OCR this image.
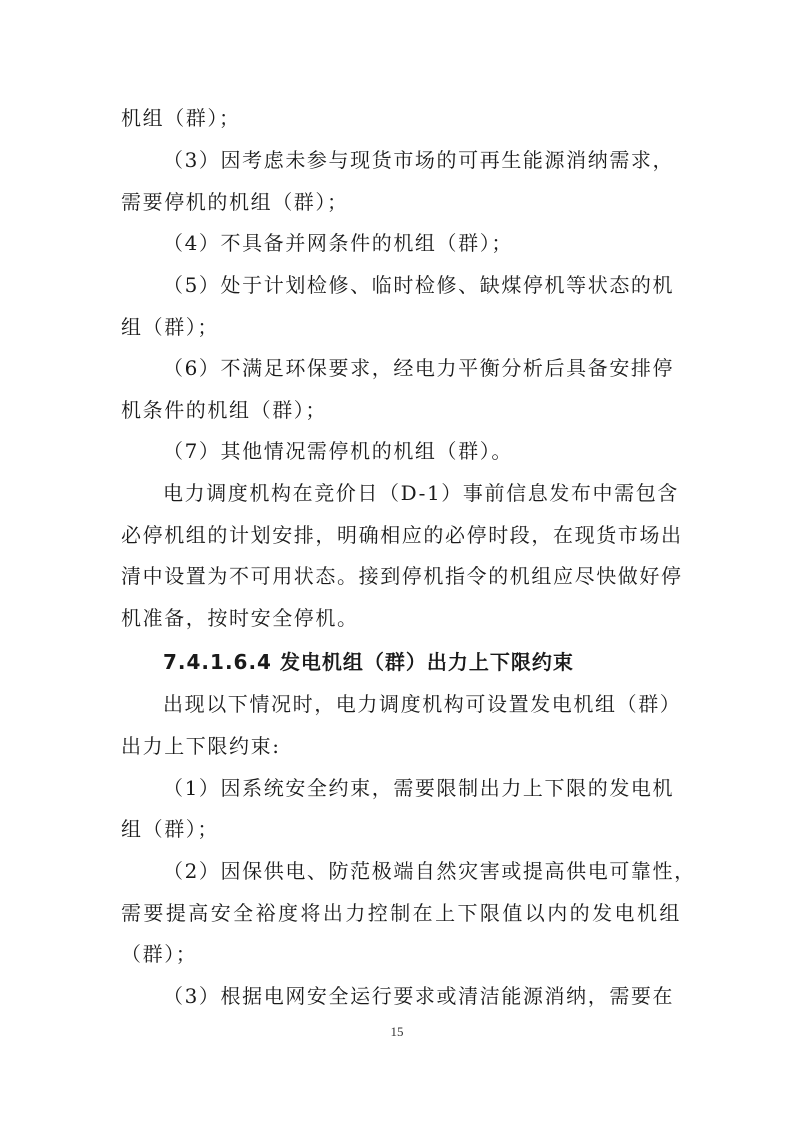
机组（群）；
（3）因考虑未参与现货市场的可再生能源消纳需求，
需要停机的机组（群）；
（4）不具备并网条件的机组（群）；
（5）处于计划检修、临时检修、缺煤停机等状态的机
组（群）；
（6）不满足环保要求，经电力平衡分析后具备安排停
机条件的机组（群）；
（7）其他情况需停机的机组（群）。
电力调度机构在竞价日（D-1）事前信息发布中需包含
必停机组的计划安排，明确相应的必停时段，在现货市场出
清中设置为不可用状态。接到停机指令的机组应尽快做好停
机准备，按时安全停机。
7.4.1.6.4 发电机组（群）出力上下限约束
出现以下情况时，电力调度机构可设置发电机组（群）
出力上下限约束:
（1）因系统安全约束，需要限制出力上下限的发电机
组（群）；
（2）因保供电、防范极端自然灾害或提高供电可靠性，
需要提高安全裕度将出力控制在上下限值以内的发电机组
（群）；
（3）根据电网安全运行要求或清洁能源消纳，需要在
15
